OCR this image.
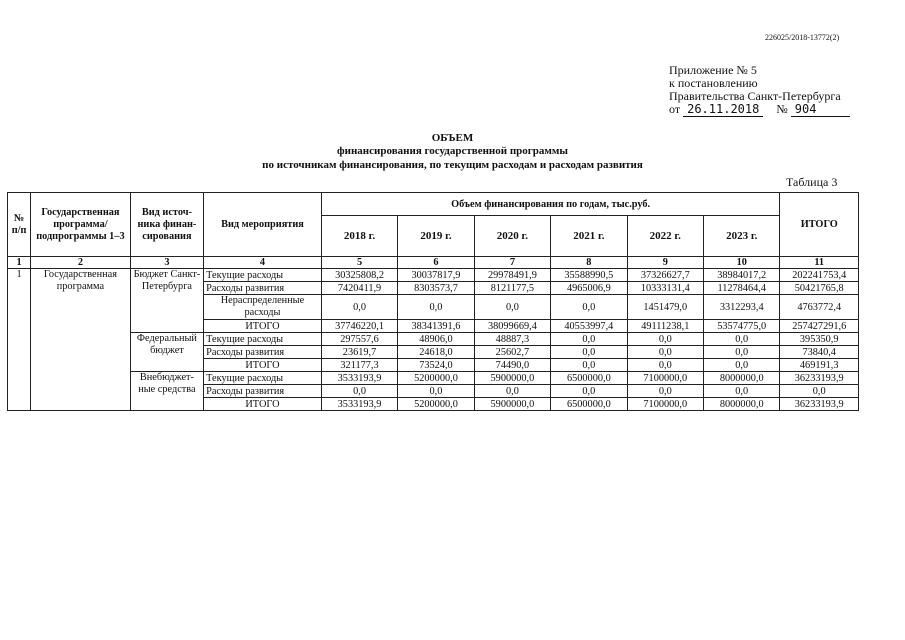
226025/2018-13772(2)
Приложение № 5
к постановлению
Правительства Санкт-Петербурга
от 26.11.2018 № 904
ОБЪЕМ
финансирования государственной программы
по источникам финансирования, по текущим расходам и расходам развития
Таблица 3
№ п/п	Государственная программа/ подпрограммы 1–3	Вид источ-ника финан-сирования	Вид мероприятия	Объем финансирования по годам, тыс.руб.						ИТОГО
				2018 г.	2019 г.	2020 г.	2021 г.	2022 г.	2023 г.	
1	2	3	4	5	6	7	8	9	10	11
1	Государственная программа	Бюджет Санкт-Петербурга	Текущие расходы	30325808,2	30037817,9	29978491,9	35588990,5	37326627,7	38984017,2	202241753,4
			Расходы развития	7420411,9	8303573,7	8121177,5	4965006,9	10333131,4	11278464,4	50421765,8
			Нераспределенные расходы	0,0	0,0	0,0	0,0	1451479,0	3312293,4	4763772,4
			ИТОГО	37746220,1	38341391,6	38099669,4	40553997,4	49111238,1	53574775,0	257427291,6
		Федеральный бюджет	Текущие расходы	297557,6	48906,0	48887,3	0,0	0,0	0,0	395350,9
			Расходы развития	23619,7	24618,0	25602,7	0,0	0,0	0,0	73840,4
			ИТОГО	321177,3	73524,0	74490,0	0,0	0,0	0,0	469191,3
		Внебюджет-ные средства	Текущие расходы	3533193,9	5200000,0	5900000,0	6500000,0	7100000,0	8000000,0	36233193,9
			Расходы развития	0,0	0,0	0,0	0,0	0,0	0,0	0,0
			ИТОГО	3533193,9	5200000,0	5900000,0	6500000,0	7100000,0	8000000,0	36233193,9
